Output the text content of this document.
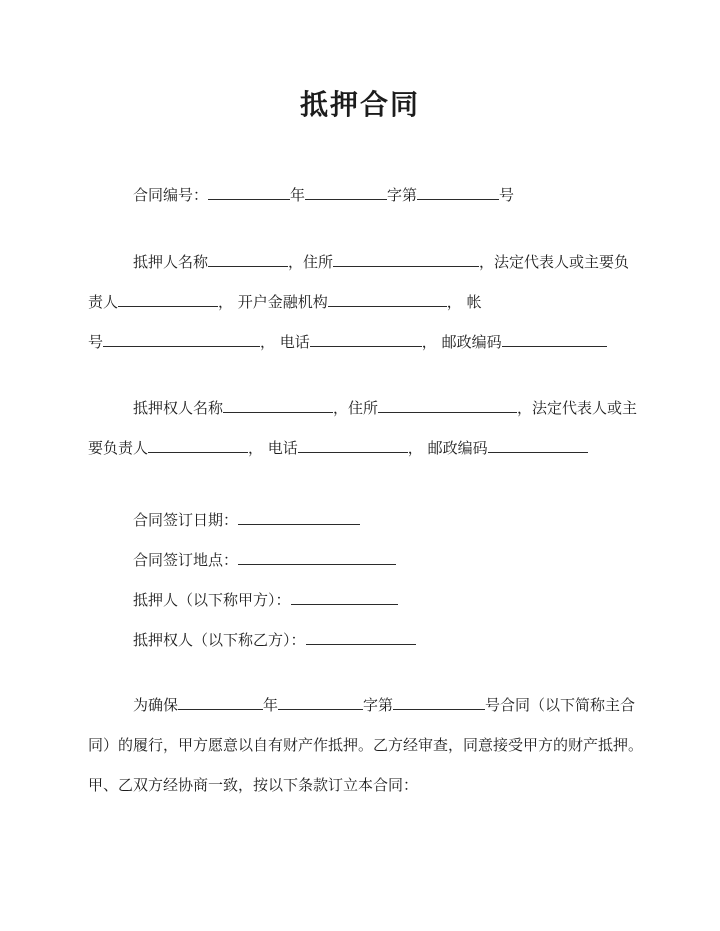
抵押合同
合同编号：	年	字第	号
抵押人名称	，住所	，法定代表人或主要负
责人	， 开户金融机构	， 帐
号	， 电话	， 邮政编码
抵押权人名称	，住所	，法定代表人或主
要负责人	， 电话	， 邮政编码
合同签订日期：
合同签订地点：
抵押人（以下称甲方）：
抵押权人（以下称乙方）：
为确保	年	字第	号合同（以下简称主合
同）的履行，甲方愿意以自有财产作抵押。乙方经审查，同意接受甲方的财产抵押。
甲、乙双方经协商一致，按以下条款订立本合同：
